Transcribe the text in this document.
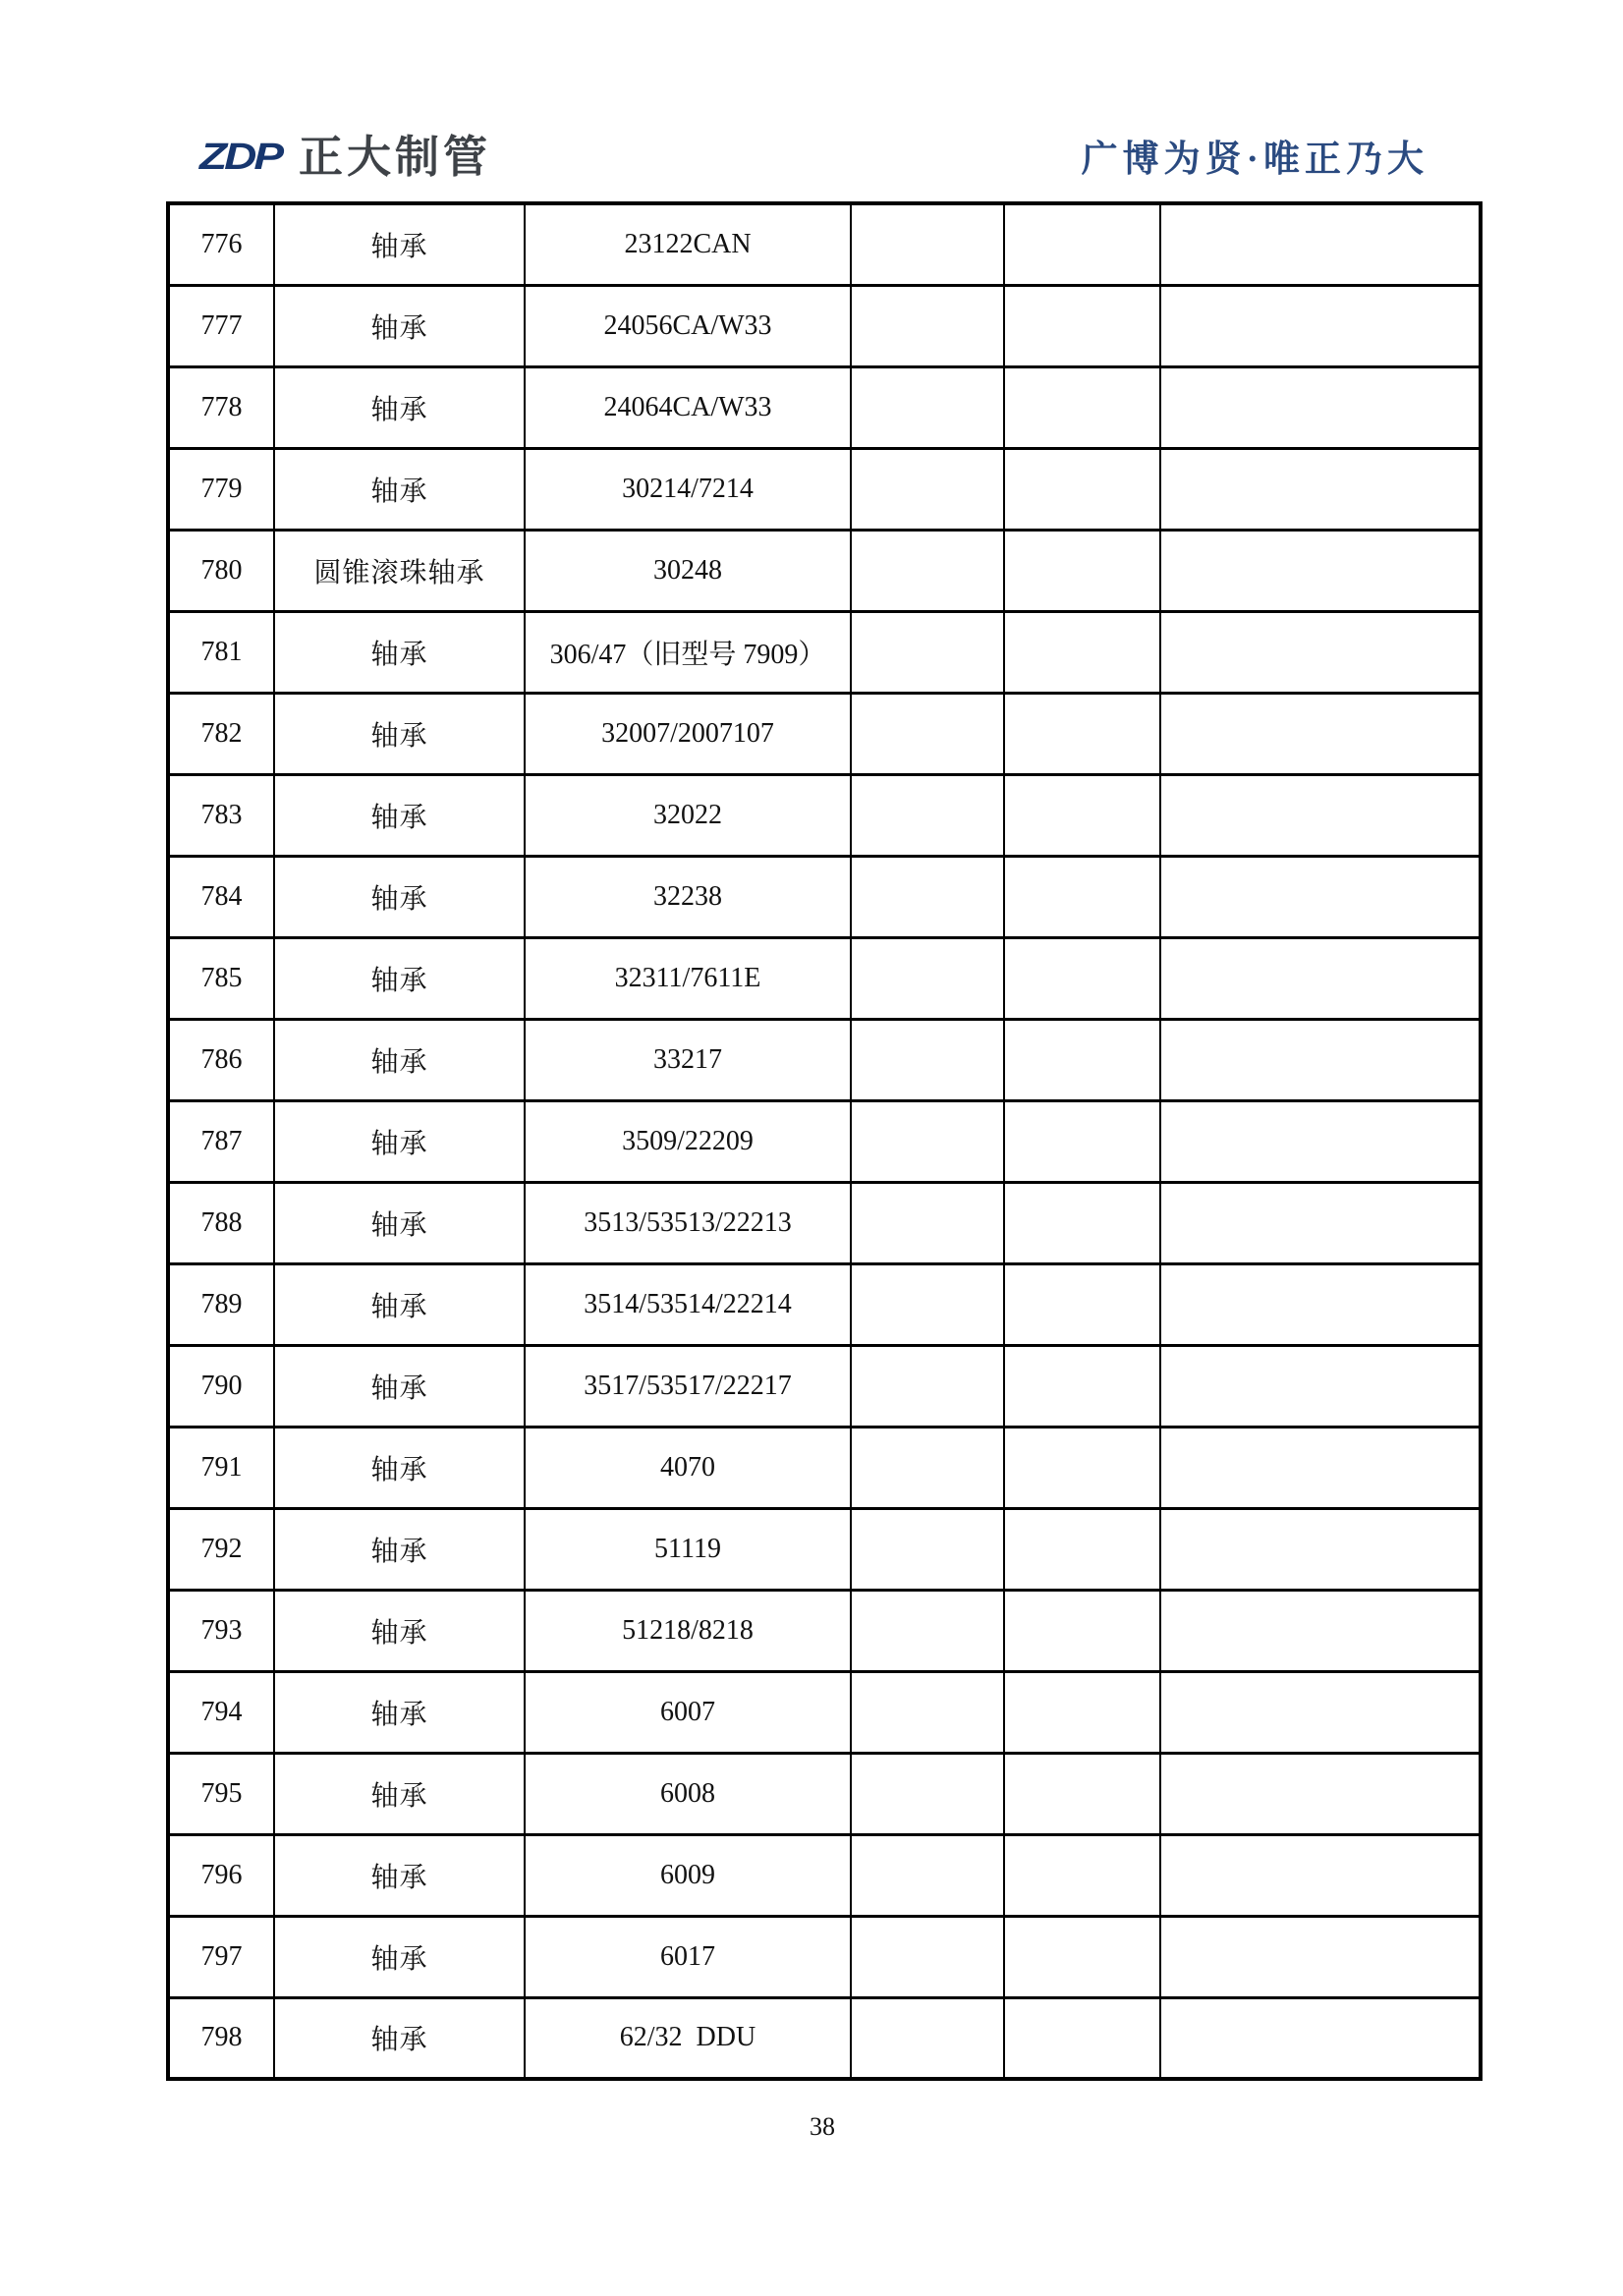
ZDP 正大制管	广博为贤·唯正乃大
776	轴承	23122CAN			
777	轴承	24056CA/W33			
778	轴承	24064CA/W33			
779	轴承	30214/7214			
780	圆锥滚珠轴承	30248			
781	轴承	306/47（旧型号 7909）			
782	轴承	32007/2007107			
783	轴承	32022			
784	轴承	32238			
785	轴承	32311/7611E			
786	轴承	33217			
787	轴承	3509/22209			
788	轴承	3513/53513/22213			
789	轴承	3514/53514/22214			
790	轴承	3517/53517/22217			
791	轴承	4070			
792	轴承	51119			
793	轴承	51218/8218			
794	轴承	6007			
795	轴承	6008			
796	轴承	6009			
797	轴承	6017			
798	轴承	62/32  DDU			
38
